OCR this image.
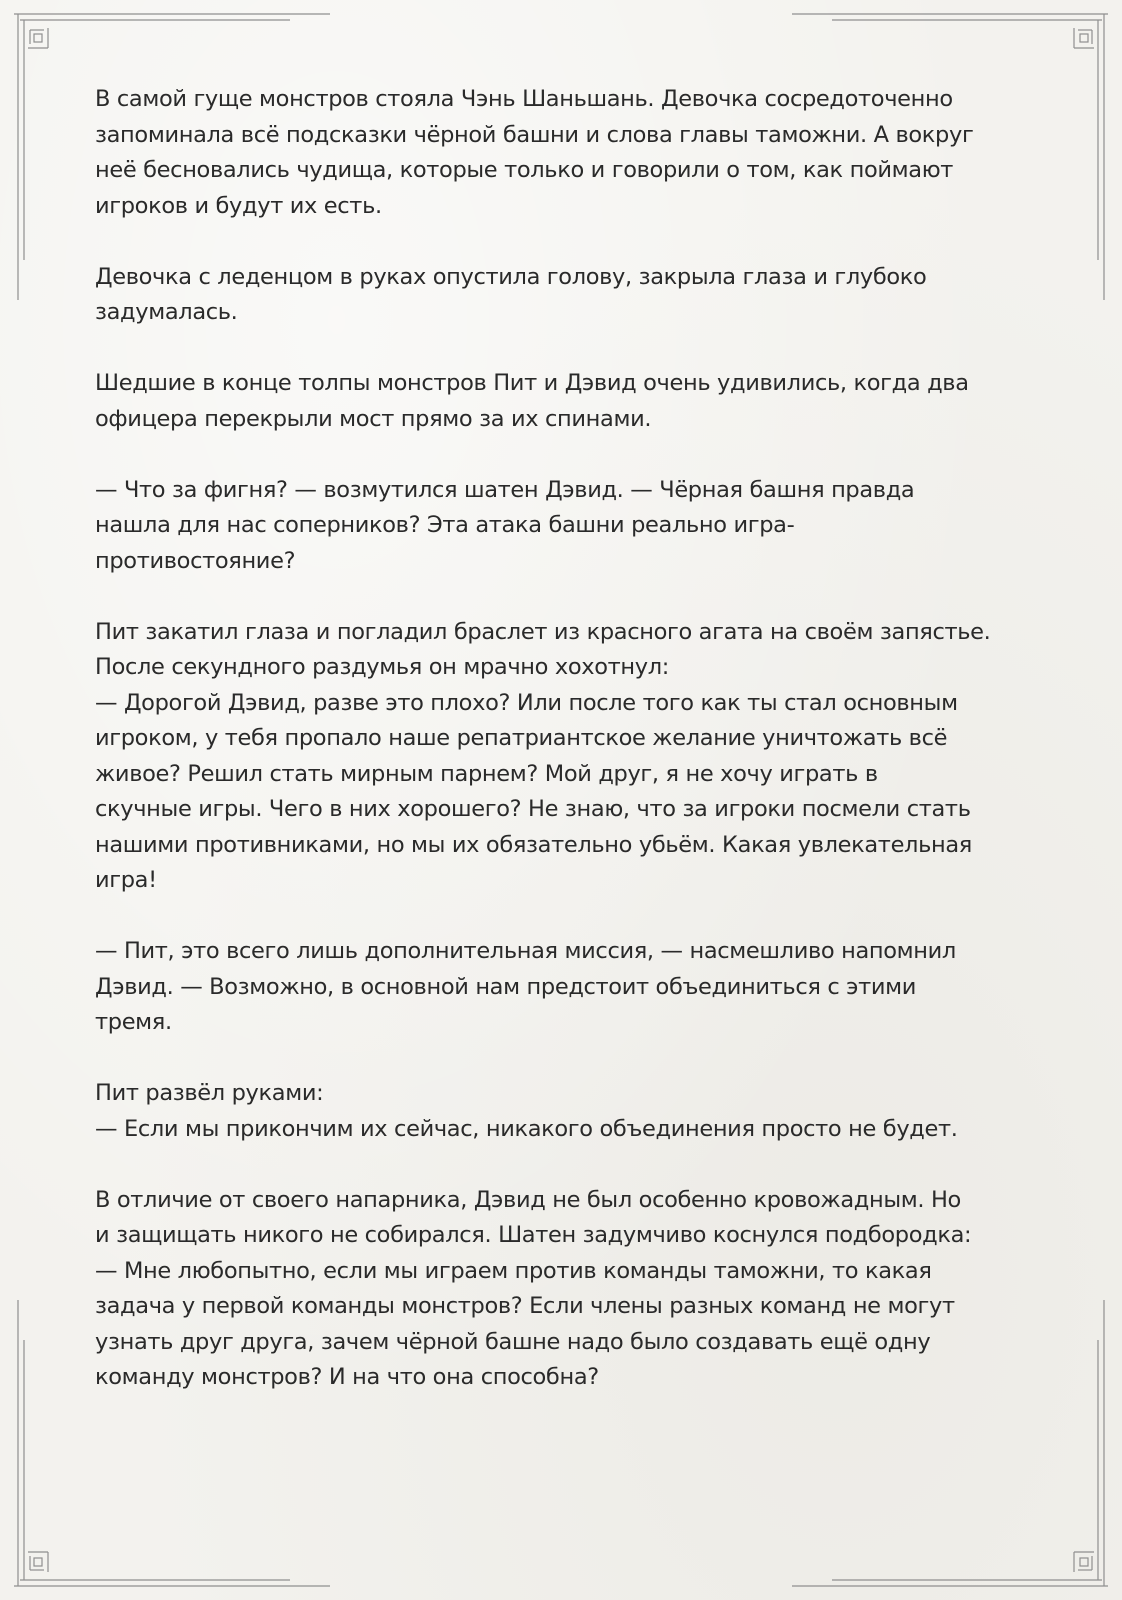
В самой гуще монстров стояла Чэнь Шаньшань. Девочка сосредоточенно
запоминала всё подсказки чёрной башни и слова главы таможни. А вокруг
неё бесновались чудища, которые только и говорили о том, как поймают
игроков и будут их есть.

Девочка с леденцом в руках опустила голову, закрыла глаза и глубоко
задумалась.

Шедшие в конце толпы монстров Пит и Дэвид очень удивились, когда два
офицера перекрыли мост прямо за их спинами.

— Что за фигня? — возмутился шатен Дэвид. — Чёрная башня правда
нашла для нас соперников? Эта атака башни реально игра-
противостояние?

Пит закатил глаза и погладил браслет из красного агата на своём запястье.
После секундного раздумья он мрачно хохотнул:
— Дорогой Дэвид, разве это плохо? Или после того как ты стал основным
игроком, у тебя пропало наше репатриантское желание уничтожать всё
живое? Решил стать мирным парнем? Мой друг, я не хочу играть в
скучные игры. Чего в них хорошего? Не знаю, что за игроки посмели стать
нашими противниками, но мы их обязательно убьём. Какая увлекательная
игра!

— Пит, это всего лишь дополнительная миссия, — насмешливо напомнил
Дэвид. — Возможно, в основной нам предстоит объединиться с этими
тремя.

Пит развёл руками:
— Если мы прикончим их сейчас, никакого объединения просто не будет.

В отличие от своего напарника, Дэвид не был особенно кровожадным. Но
и защищать никого не собирался. Шатен задумчиво коснулся подбородка:
— Мне любопытно, если мы играем против команды таможни, то какая
задача у первой команды монстров? Если члены разных команд не могут
узнать друг друга, зачем чёрной башне надо было создавать ещё одну
команду монстров? И на что она способна?
